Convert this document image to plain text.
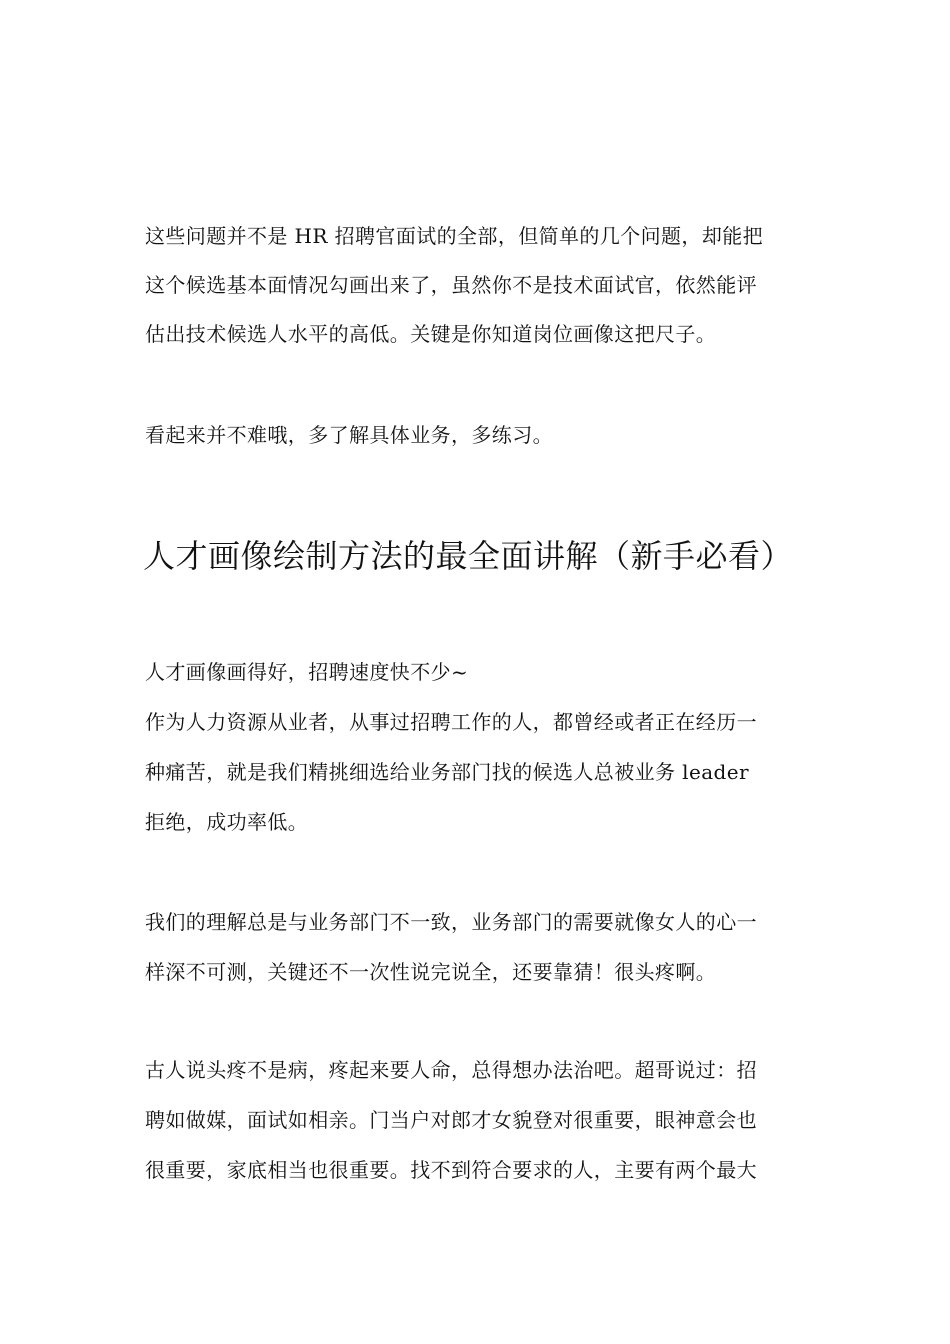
这些问题并不是 HR 招聘官面试的全部，但简单的几个问题，却能把

这个候选基本面情况勾画出来了，虽然你不是技术面试官，依然能评

估出技术候选人水平的高低。关键是你知道岗位画像这把尺子。

看起来并不难哦，多了解具体业务，多练习。

人才画像绘制方法的最全面讲解（新手必看）

人才画像画得好，招聘速度快不少~

作为人力资源从业者，从事过招聘工作的人，都曾经或者正在经历一

种痛苦，就是我们精挑细选给业务部门找的候选人总被业务 leader

拒绝，成功率低。

我们的理解总是与业务部门不一致，业务部门的需要就像女人的心一

样深不可测，关键还不一次性说完说全，还要靠猜！很头疼啊。

古人说头疼不是病，疼起来要人命，总得想办法治吧。超哥说过：招

聘如做媒，面试如相亲。门当户对郎才女貌登对很重要，眼神意会也

很重要，家底相当也很重要。找不到符合要求的人，主要有两个最大
